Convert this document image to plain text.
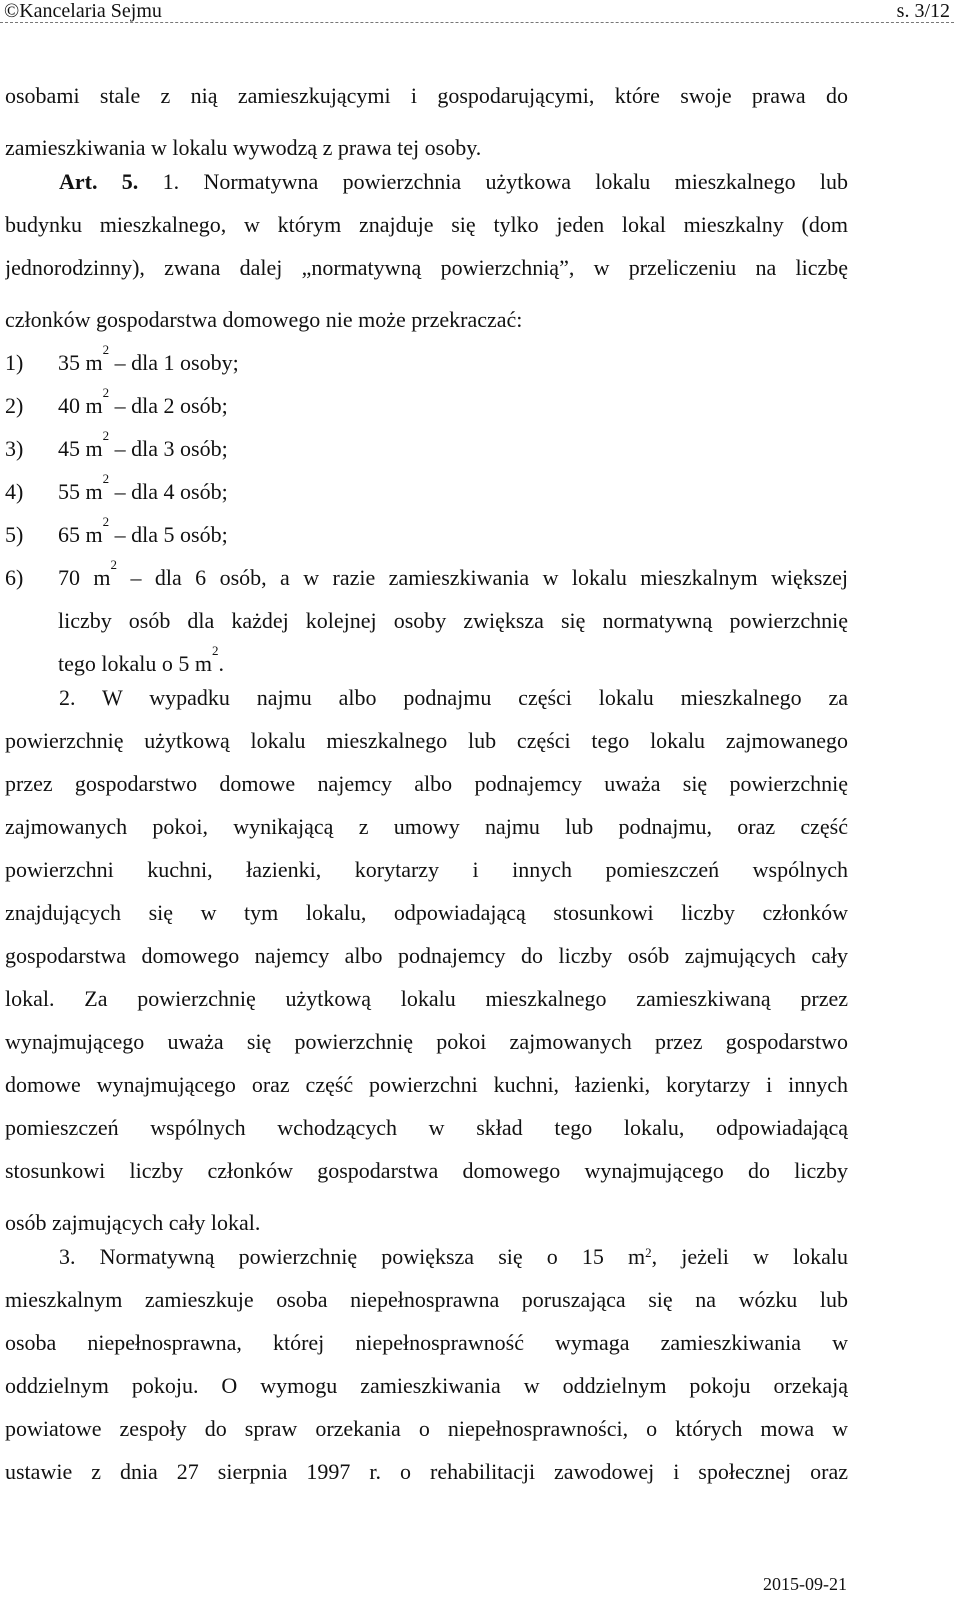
©Kancelaria Sejmu	s. 3/12
osobami stale z nią zamieszkującymi i gospodarującymi, które swoje prawa do
zamieszkiwania w lokalu wywodzą z prawa tej osoby.
Art. 5. 1. Normatywna powierzchnia użytkowa lokalu mieszkalnego lub
budynku mieszkalnego, w którym znajduje się tylko jeden lokal mieszkalny (dom
jednorodzinny), zwana dalej „normatywną powierzchnią”, w przeliczeniu na liczbę
członków gospodarstwa domowego nie może przekraczać:
1)	35 $m^2$ – dla 1 osoby;
2)	40 $m^2$ – dla 2 osób;
3)	45 $m^2$ – dla 3 osób;
4)	55 $m^2$ – dla 4 osób;
5)	65 $m^2$ – dla 5 osób;
6)	70 $m^2$ – dla 6 osób, a w razie zamieszkiwania w lokalu mieszkalnym większej
liczby osób dla każdej kolejnej osoby zwiększa się normatywną powierzchnię
tego lokalu o 5 $m^2$.
2. W wypadku najmu albo podnajmu części lokalu mieszkalnego za
powierzchnię użytkową lokalu mieszkalnego lub części tego lokalu zajmowanego
przez gospodarstwo domowe najemcy albo podnajemcy uważa się powierzchnię
zajmowanych pokoi, wynikającą z umowy najmu lub podnajmu, oraz część
powierzchni kuchni, łazienki, korytarzy i innych pomieszczeń wspólnych
znajdujących się w tym lokalu, odpowiadającą stosunkowi liczby członków
gospodarstwa domowego najemcy albo podnajemcy do liczby osób zajmujących cały
lokal. Za powierzchnię użytkową lokalu mieszkalnego zamieszkiwaną przez
wynajmującego uważa się powierzchnię pokoi zajmowanych przez gospodarstwo
domowe wynajmującego oraz część powierzchni kuchni, łazienki, korytarzy i innych
pomieszczeń wspólnych wchodzących w skład tego lokalu, odpowiadającą
stosunkowi liczby członków gospodarstwa domowego wynajmującego do liczby
osób zajmujących cały lokal.
3. Normatywną powierzchnię powiększa się o 15 $m^2$, jeżeli w lokalu
mieszkalnym zamieszkuje osoba niepełnosprawna poruszająca się na wózku lub
osoba niepełnosprawna, której niepełnosprawność wymaga zamieszkiwania w
oddzielnym pokoju. O wymogu zamieszkiwania w oddzielnym pokoju orzekają
powiatowe zespoły do spraw orzekania o niepełnosprawności, o których mowa w
ustawie z dnia 27 sierpnia 1997 r. o rehabilitacji zawodowej i społecznej oraz
2015-09-21
